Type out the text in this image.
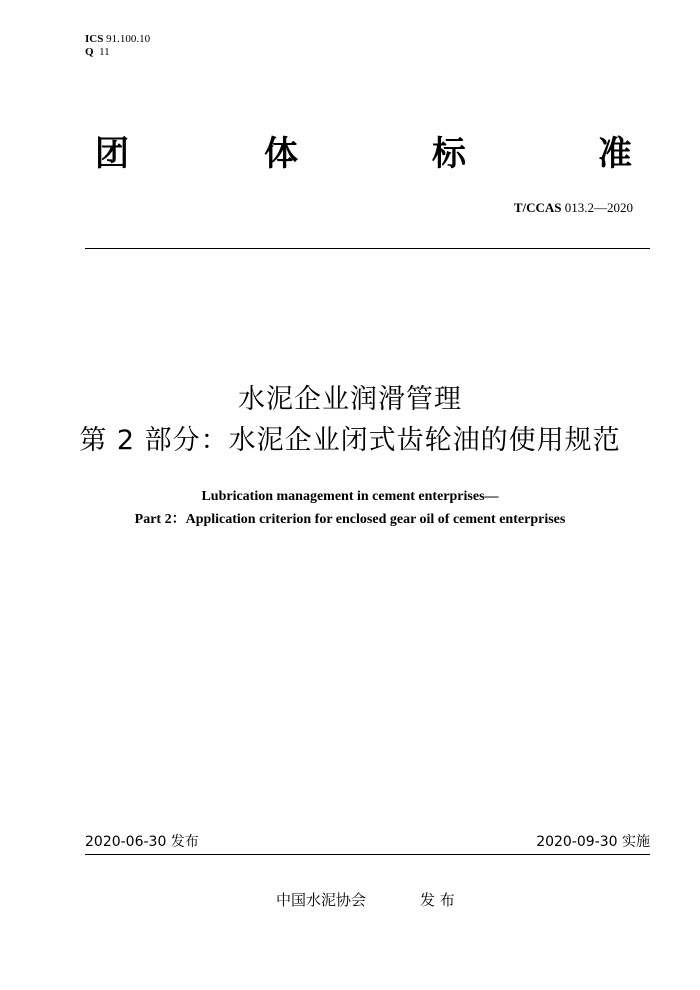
ICS 91.100.10
Q 11
团	体	标	准
T/CCAS 013.2—2020
水泥企业润滑管理
第 2 部分：水泥企业闭式齿轮油的使用规范
Lubrication management in cement enterprises—
Part 2：Application criterion for enclosed gear oil of cement enterprises
2020-06-30 发布	2020-09-30 实施
中国水泥协会	发 布
